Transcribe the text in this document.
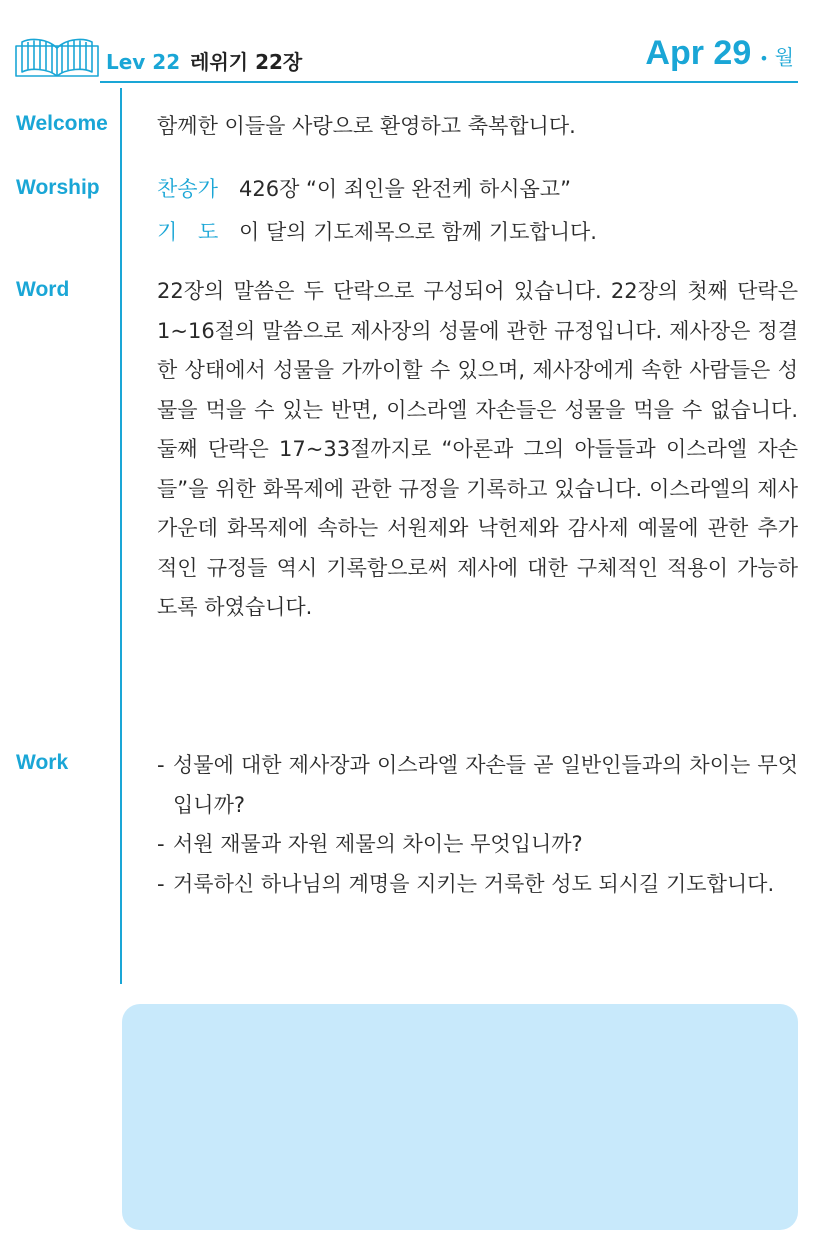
Lev 22 레위기 22장	Apr 29 • 월
Welcome 함께한 이들을 사랑으로 환영하고 축복합니다.
Worship	찬송가 426장 “이 죄인을 완전케 하시옵고”
기 도 이 달의 기도제목으로 함께 기도합니다.
Word	22장의 말씀은 두 단락으로 구성되어 있습니다. 22장의 첫째 단락은 1~16절의 말씀으로 제사장의 성물에 관한 규정입니다. 제사장은 정결한 상태에서 성물을 가까이할 수 있으며, 제사장에게 속한 사람들은 성물을 먹을 수 있는 반면, 이스라엘 자손들은 성물을 먹을 수 없습니다. 둘째 단락은 17~33절까지로 “아론과 그의 아들들과 이스라엘 자손들”을 위한 화목제에 관한 규정을 기록하고 있습니다. 이스라엘의 제사 가운데 화목제에 속하는 서원제와 낙헌제와 감사제 예물에 관한 추가적인 규정들 역시 기록함으로써 제사에 대한 구체적인 적용이 가능하도록 하였습니다.

Work
-	성물에 대한 제사장과 이스라엘 자손들 곧 일반인들과의 차이는 무엇입니까?
- 서원 재물과 자원 제물의 차이는 무엇입니까?
- 거룩하신 하나님의 계명을 지키는 거룩한 성도 되시길 기도합니다.
